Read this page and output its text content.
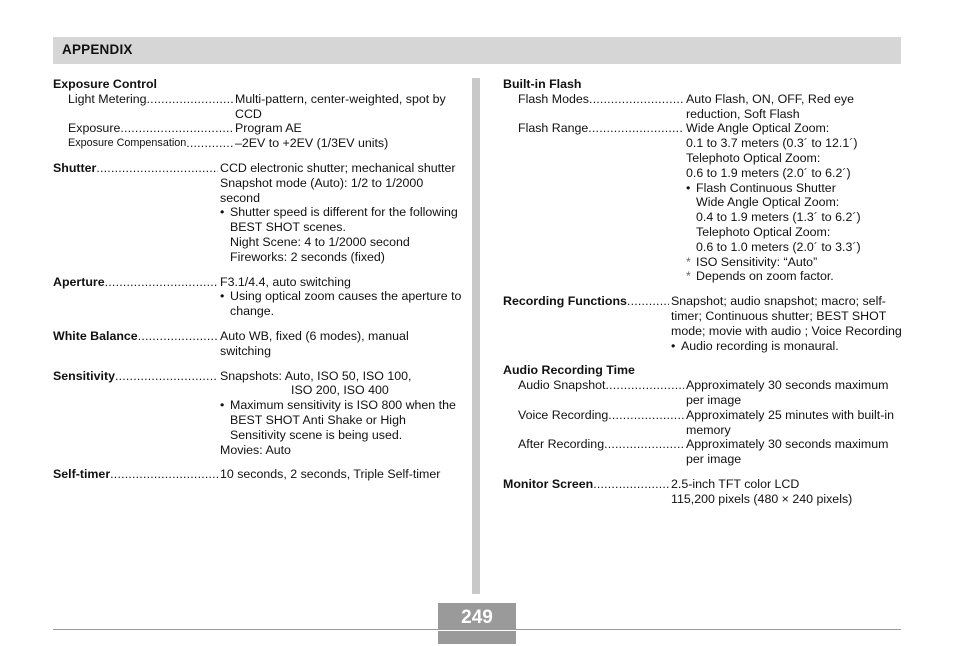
APPENDIX
Exposure Control
Light Metering .....	Multi-pattern, center-weighted, spot by CCD
Exposure .....	Program AE
Exposure Compensation .....	–2EV to +2EV (1/3EV units)
Shutter .....	CCD electronic shutter; mechanical shutter
Snapshot mode (Auto): 1/2 to 1/2000 second
• Shutter speed is different for the following BEST SHOT scenes.
Night Scene: 4 to 1/2000 second
Fireworks: 2 seconds (fixed)
Aperture .....	F3.1/4.4, auto switching
• Using optical zoom causes the aperture to change.
White Balance .....	Auto WB, fixed (6 modes), manual switching
Sensitivity .....	Snapshots: Auto, ISO 50, ISO 100,
ISO 200, ISO 400
• Maximum sensitivity is ISO 800 when the BEST SHOT Anti Shake or High Sensitivity scene is being used.
Movies: Auto
Self-timer .....	10 seconds, 2 seconds, Triple Self-timer
Built-in Flash
Flash Modes .....	Auto Flash, ON, OFF, Red eye reduction, Soft Flash
Flash Range .....	Wide Angle Optical Zoom:
0.1 to 3.7 meters (0.3´ to 12.1´)
Telephoto Optical Zoom:
0.6 to 1.9 meters (2.0´ to 6.2´)
• Flash Continuous Shutter
Wide Angle Optical Zoom:
0.4 to 1.9 meters (1.3´ to 6.2´)
Telephoto Optical Zoom:
0.6 to 1.0 meters (2.0´ to 3.3´)
* ISO Sensitivity: “Auto”
* Depends on zoom factor.
Recording Functions .....	Snapshot; audio snapshot; macro; self-timer; Continuous shutter; BEST SHOT mode; movie with audio ; Voice Recording
• Audio recording is monaural.
Audio Recording Time
Audio Snapshot .....	Approximately 30 seconds maximum per image
Voice Recording .....	Approximately 25 minutes with built-in memory
After Recording .....	Approximately 30 seconds maximum per image
Monitor Screen .....	2.5-inch TFT color LCD
115,200 pixels (480 × 240 pixels)
249
